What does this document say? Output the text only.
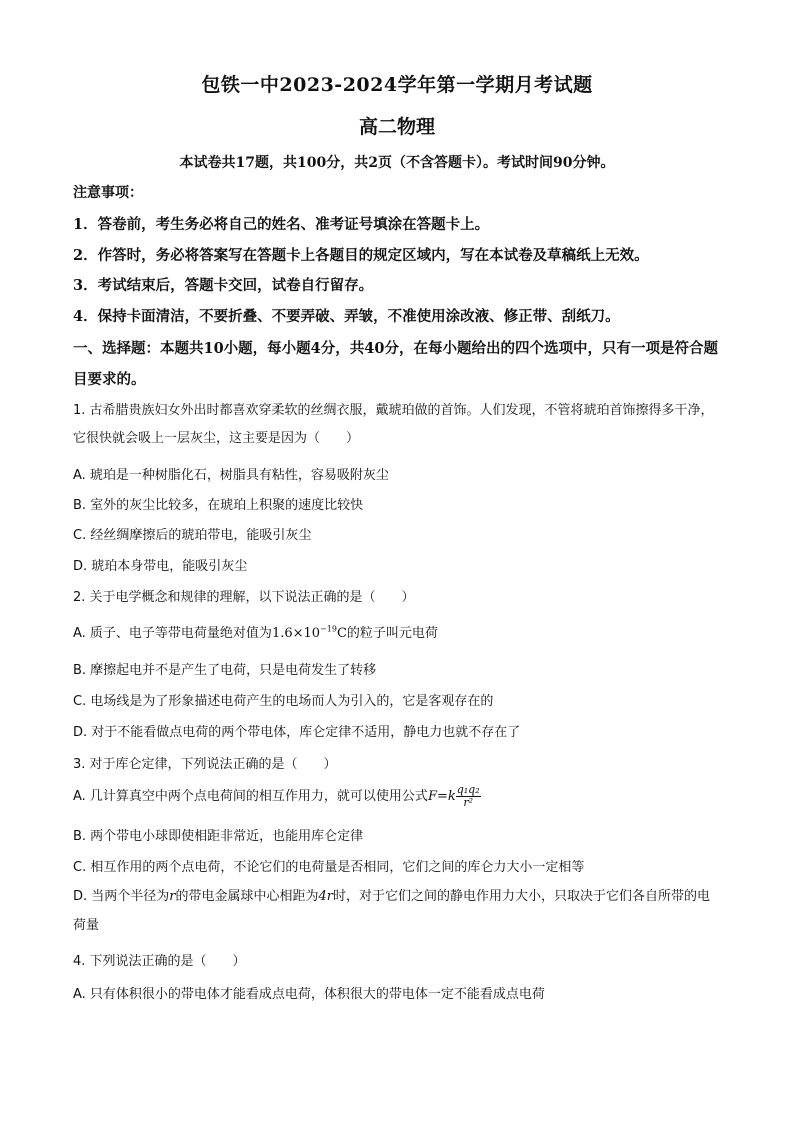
包铁一中2023-2024学年第一学期月考试题
高二物理
本试卷共17题，共100分，共2页（不含答题卡）。考试时间90分钟。
注意事项：
1．答卷前，考生务必将自己的姓名、准考证号填涂在答题卡上。
2．作答时，务必将答案写在答题卡上各题目的规定区域内，写在本试卷及草稿纸上无效。
3．考试结束后，答题卡交回，试卷自行留存。
4．保持卡面清洁，不要折叠、不要弄破、弄皱，不准使用涂改液、修正带、刮纸刀。
一、选择题：本题共10小题，每小题4分，共40分，在每小题给出的四个选项中，只有一项是符合题目要求的。
1. 古希腊贵族妇女外出时都喜欢穿柔软的丝绸衣服，戴琥珀做的首饰。人们发现，不管将琥珀首饰擦得多干净，它很快就会吸上一层灰尘，这主要是因为（　　）
A. 琥珀是一种树脂化石，树脂具有粘性，容易吸附灰尘
B. 室外的灰尘比较多，在琥珀上积聚的速度比较快
C. 经丝绸摩擦后的琥珀带电，能吸引灰尘
D. 琥珀本身带电，能吸引灰尘
2. 关于电学概念和规律的理解，以下说法正确的是（　　）
A. 质子、电子等带电荷量绝对值为$1.6\times 10^{-19}C$的粒子叫元电荷
B. 摩擦起电并不是产生了电荷，只是电荷发生了转移
C. 电场线是为了形象描述电荷产生的电场而人为引入的，它是客观存在的
D. 对于不能看做点电荷的两个带电体，库仑定律不适用，静电力也就不存在了
3. 对于库仑定律，下列说法正确的是（　　）
A. 几计算真空中两个点电荷间的相互作用力，就可以使用公式$F=k \frac{\text{q₁q₂}}{\text{r²}}$
B. 两个带电小球即使相距非常近，也能用库仑定律
C. 相互作用的两个点电荷，不论它们的电荷量是否相同，它们之间的库仑力大小一定相等
D. 当两个半径为r的带电金属球中心相距为4r时，对于它们之间的静电作用力大小，只取决于它们各自所带的电荷量
4. 下列说法正确的是（　　）
A. 只有体积很小的带电体才能看成点电荷，体积很大的带电体一定不能看成点电荷
